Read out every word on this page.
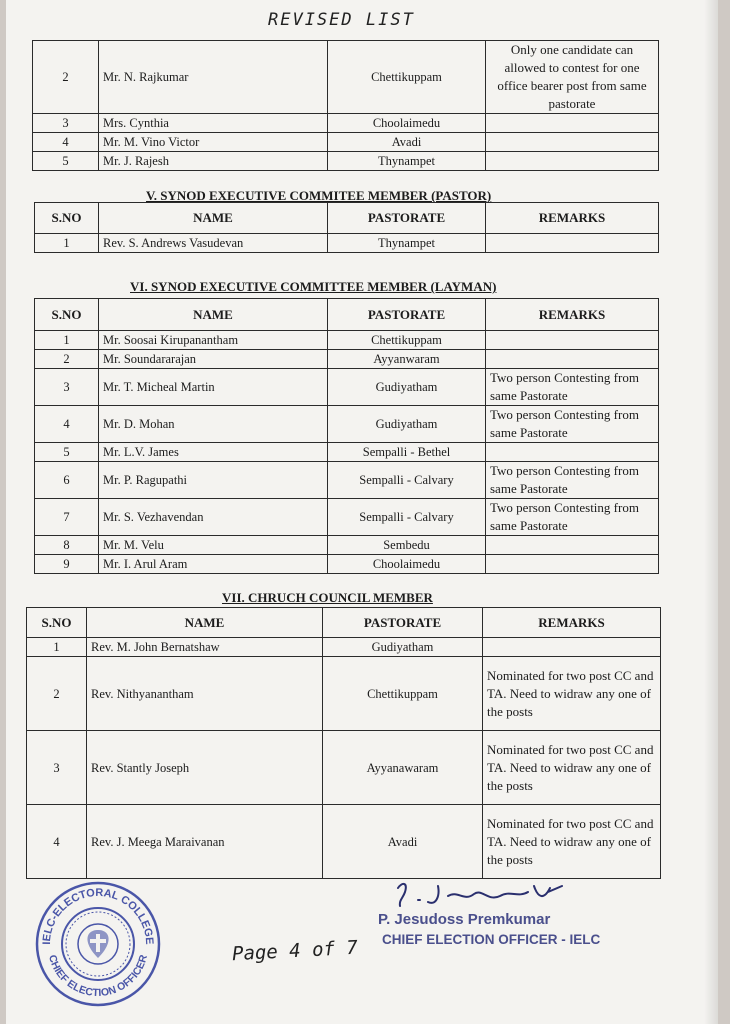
REVISED LIST
2	Mr. N. Rajkumar	Chettikuppam	Only one candidate can allowed to contest for one office bearer post from same pastorate
3	Mrs. Cynthia	Choolaimedu	
4	Mr. M. Vino Victor	Avadi	
5	Mr. J. Rajesh	Thynampet	
V. SYNOD EXECUTIVE COMMITEE MEMBER (PASTOR)
S.NO	NAME	PASTORATE	REMARKS
1	Rev. S. Andrews Vasudevan	Thynampet	
VI. SYNOD EXECUTIVE COMMITTEE MEMBER (LAYMAN)
S.NO	NAME	PASTORATE	REMARKS
1	Mr. Soosai Kirupanantham	Chettikuppam	
2	Mr. Soundararajan	Ayyanwaram	
3	Mr. T. Micheal Martin	Gudiyatham	Two person Contesting from same Pastorate
4	Mr. D. Mohan	Gudiyatham	Two person Contesting from same Pastorate
5	Mr. L.V. James	Sempalli - Bethel	
6	Mr. P. Ragupathi	Sempalli - Calvary	Two person Contesting from same Pastorate
7	Mr. S. Vezhavendan	Sempalli - Calvary	Two person Contesting from same Pastorate
8	Mr. M. Velu	Sembedu	
9	Mr. I. Arul Aram	Choolaimedu	
VII. CHRUCH COUNCIL MEMBER
S.NO	NAME	PASTORATE	REMARKS
1	Rev. M. John Bernatshaw	Gudiyatham	
2	Rev. Nithyanantham	Chettikuppam	Nominated for two post CC and TA. Need to widraw any one of the posts
3	Rev. Stantly Joseph	Ayyanawaram	Nominated for two post CC and TA. Need to widraw any one of the posts
4	Rev. J. Meega Maraivanan	Avadi	Nominated for two post CC and TA. Need to widraw any one of the posts
IELC-ELECTORAL COLLEGE
CHIEF ELECTION OFFICER	Page 4 of 7
P. Jesudoss Premkumar
CHIEF ELECTION OFFICER - IELC
